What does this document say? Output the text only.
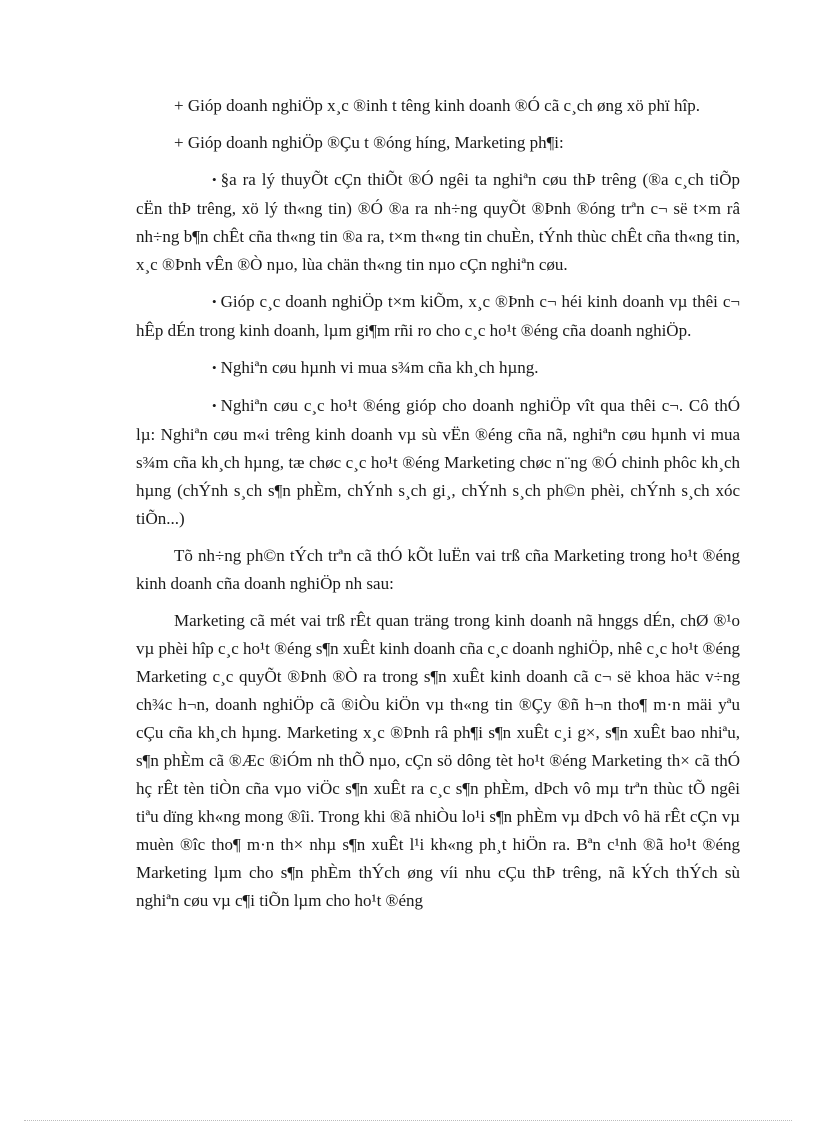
+ Gióp doanh nghiÖp x¸c ®inh t têng kinh doanh ®Ó cã c¸ch øng xö phï hîp.

+ Gióp doanh nghiÖp ®Çu t ®óng híng, Marketing ph¶i:

• §a ra lý thuyÕt cÇn thiÕt ®Ó ngêi ta nghiªn cøu thÞ trêng (®a c¸ch tiÕp cËn thÞ trêng, xö lý th«ng tin) ®Ó ®a ra nh÷ng quyÕt ®Þnh ®óng trªn c¬ së t×m râ nh÷ng b¶n chÊt cña th«ng tin ®a ra, t×m th«ng tin chuÈn, tÝnh thùc chÊt cña th«ng tin, x¸c ®Þnh vÊn ®Ò nµo, lùa chän th«ng tin nµo cÇn nghiªn cøu.

• Gióp c¸c doanh nghiÖp t×m kiÕm, x¸c ®Þnh c¬ héi kinh doanh vµ thêi c¬ hÊp dÉn trong kinh doanh, lµm gi¶m rñi ro cho c¸c ho¹t ®éng cña doanh nghiÖp.

• Nghiªn cøu hµnh vi mua s¾m cña kh¸ch hµng.

• Nghiªn cøu c¸c ho¹t ®éng gióp cho doanh nghiÖp vît qua thêi c¬. Cô thÓ lµ: Nghiªn cøu m«i trêng kinh doanh vµ sù vËn ®éng cña nã, nghiªn cøu hµnh vi mua s¾m cña kh¸ch hµng, tæ chøc c¸c ho¹t ®éng Marketing chøc n¨ng ®Ó chinh phôc kh¸ch hµng (chÝnh s¸ch s¶n phÈm, chÝnh s¸ch gi¸, chÝnh s¸ch ph©n phèi, chÝnh s¸ch xóc tiÕn...)

Tõ nh÷ng ph©n tÝch trªn cã thÓ kÕt luËn vai trß cña Marketing trong ho¹t ®éng kinh doanh cña doanh nghiÖp nh sau:

Marketing cã mét vai trß rÊt quan träng trong kinh doanh nã hnggs dÉn, chØ ®¹o vµ phèi hîp c¸c ho¹t ®éng s¶n xuÊt kinh doanh cña c¸c doanh nghiÖp, nhê c¸c ho¹t ®éng Marketing c¸c quyÕt ®Þnh ®Ò ra trong s¶n xuÊt kinh doanh cã c¬ së khoa häc v÷ng ch¾c h¬n, doanh nghiÖp cã ®iÒu kiÖn vµ th«ng tin ®Çy ®ñ h¬n tho¶ m·n mäi yªu cÇu cña kh¸ch hµng. Marketing x¸c ®Þnh râ ph¶i s¶n xuÊt c¸i g×, s¶n xuÊt bao nhiªu, s¶n phÈm cã ®Æc ®iÓm nh thÕ nµo, cÇn sö dông tèt ho¹t ®éng Marketing th× cã thÓ hç rÊt tèn tiÒn cña vµo viÖc s¶n xuÊt ra c¸c s¶n phÈm, dÞch vô mµ trªn thùc tÕ ngêi tiªu dïng kh«ng mong ®îi. Trong khi ®ã nhiÒu lo¹i s¶n phÈm vµ dÞch vô hä rÊt cÇn vµ muèn ®îc tho¶ m·n th× nhµ s¶n xuÊt l¹i kh«ng ph¸t hiÖn ra. Bªn c¹nh ®ã ho¹t ®éng Marketing lµm cho s¶n phÈm thÝch øng víi nhu cÇu thÞ trêng, nã kÝch thÝch sù nghiªn cøu vµ c¶i tiÕn lµm cho ho¹t ®éng
